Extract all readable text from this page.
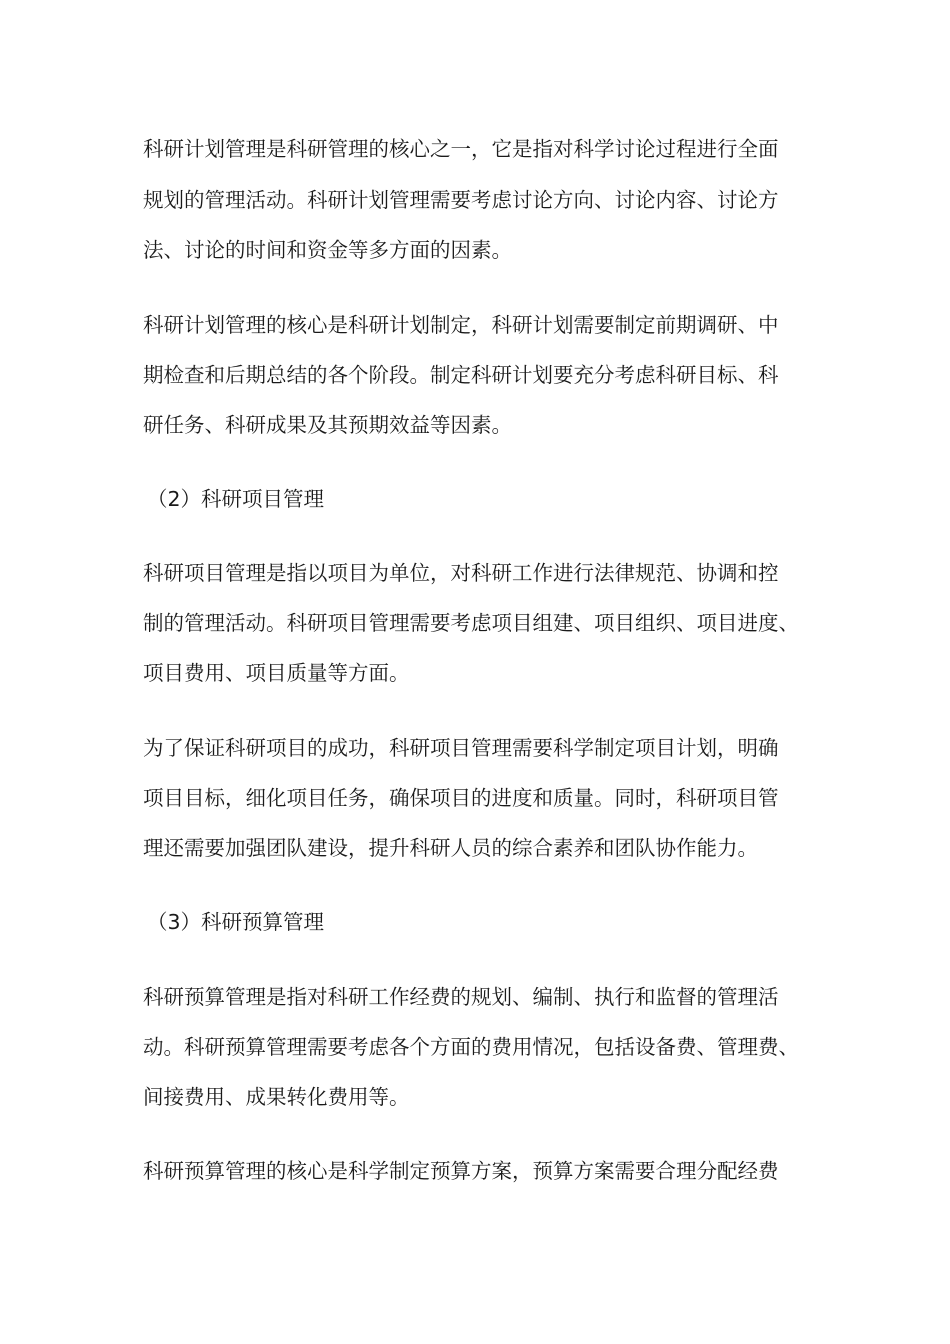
科研计划管理是科研管理的核心之一，它是指对科学讨论过程进行全面
规划的管理活动。科研计划管理需要考虑讨论方向、讨论内容、讨论方
法、讨论的时间和资金等多方面的因素。
科研计划管理的核心是科研计划制定，科研计划需要制定前期调研、中
期检查和后期总结的各个阶段。制定科研计划要充分考虑科研目标、科
研任务、科研成果及其预期效益等因素。
（2）科研项目管理
科研项目管理是指以项目为单位，对科研工作进行法律规范、协调和控
制的管理活动。科研项目管理需要考虑项目组建、项目组织、项目进度、
项目费用、项目质量等方面。
为了保证科研项目的成功，科研项目管理需要科学制定项目计划，明确
项目目标，细化项目任务，确保项目的进度和质量。同时，科研项目管
理还需要加强团队建设，提升科研人员的综合素养和团队协作能力。
（3）科研预算管理
科研预算管理是指对科研工作经费的规划、编制、执行和监督的管理活
动。科研预算管理需要考虑各个方面的费用情况，包括设备费、管理费、
间接费用、成果转化费用等。
科研预算管理的核心是科学制定预算方案，预算方案需要合理分配经费
